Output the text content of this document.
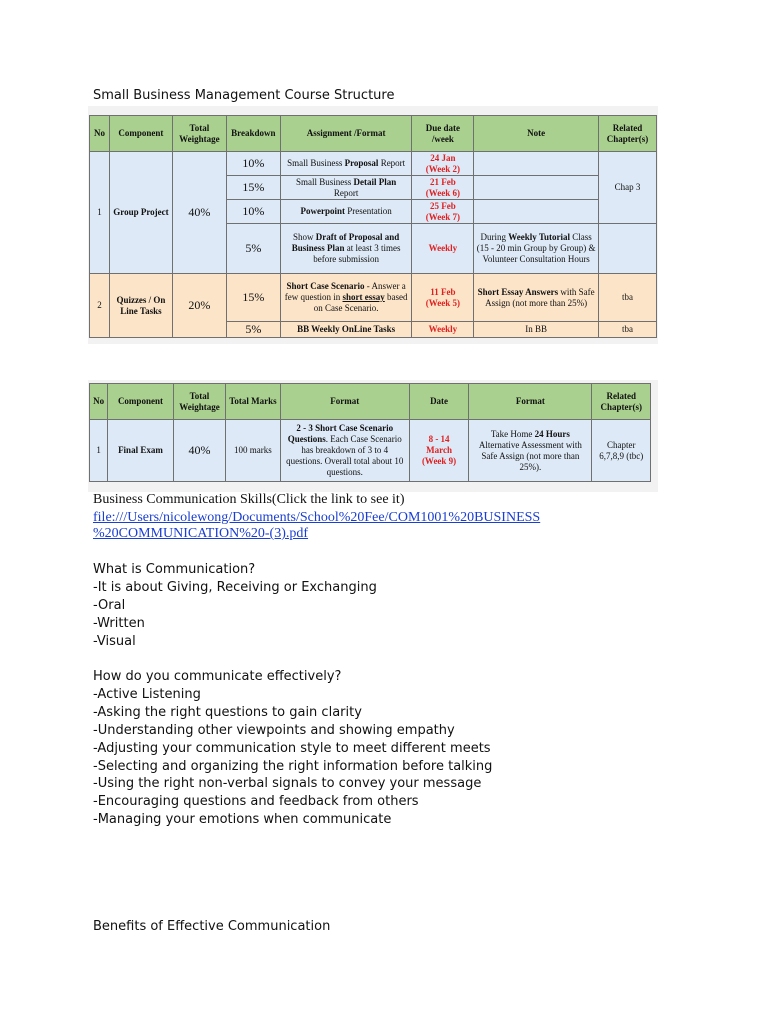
Small Business Management Course Structure
No	Component	Total Weightage	Breakdown	Assignment /Format	Due date /week	Note	Related Chapter(s)
1	Group Project	40%	10%	Small Business Proposal Report	24 Jan
(Week 2)		Chap 3
			15%	Small Business Detail Plan Report	21 Feb
(Week 6)		

			10%	Powerpoint Presentation	25 Feb
(Week 7)		

			5%	Show Draft of Proposal and Business Plan at least 3 times before submission	Weekly	During Weekly Tutorial Class (15 - 20 min Group by Group) & Volunteer Consultation Hours	
2	Quizzes / On Line Tasks	20%	15%	Short Case Scenario - Answer a few question in short essay based on Case Scenario.	11 Feb
(Week 5)	Short Essay Answers with Safe Assign (not more than 25%)	tba
			5%	BB Weekly OnLine Tasks	Weekly	In BB	tba
No	Component	Total Weightage	Total Marks	Format	Date	Format	Related Chapter(s)
1	Final Exam	40%	100 marks	2 - 3 Short Case Scenario Questions. Each Case Scenario has breakdown of 3 to 4 questions. Overall total about 10 questions.	8 - 14
March
(Week 9)	Take Home 24 Hours Alternative Assessment with Safe Assign (not more than 25%).	Chapter 6,7,8,9 (tbc)
Business Communication Skills(Click the link to see it)
file:///Users/nicolewong/Documents/School%20Fee/COM1001%20BUSINESS
%20COMMUNICATION%20-(3).pdf
What is Communication?
-It is about Giving, Receiving or Exchanging
-Oral
-Written
-Visual
How do you communicate effectively?
-Active Listening
-Asking the right questions to gain clarity
-Understanding other viewpoints and showing empathy
-Adjusting your communication style to meet different meets
-Selecting and organizing the right information before talking
-Using the right non-verbal signals to convey your message
-Encouraging questions and feedback from others
-Managing your emotions when communicate
Benefits of Effective Communication
